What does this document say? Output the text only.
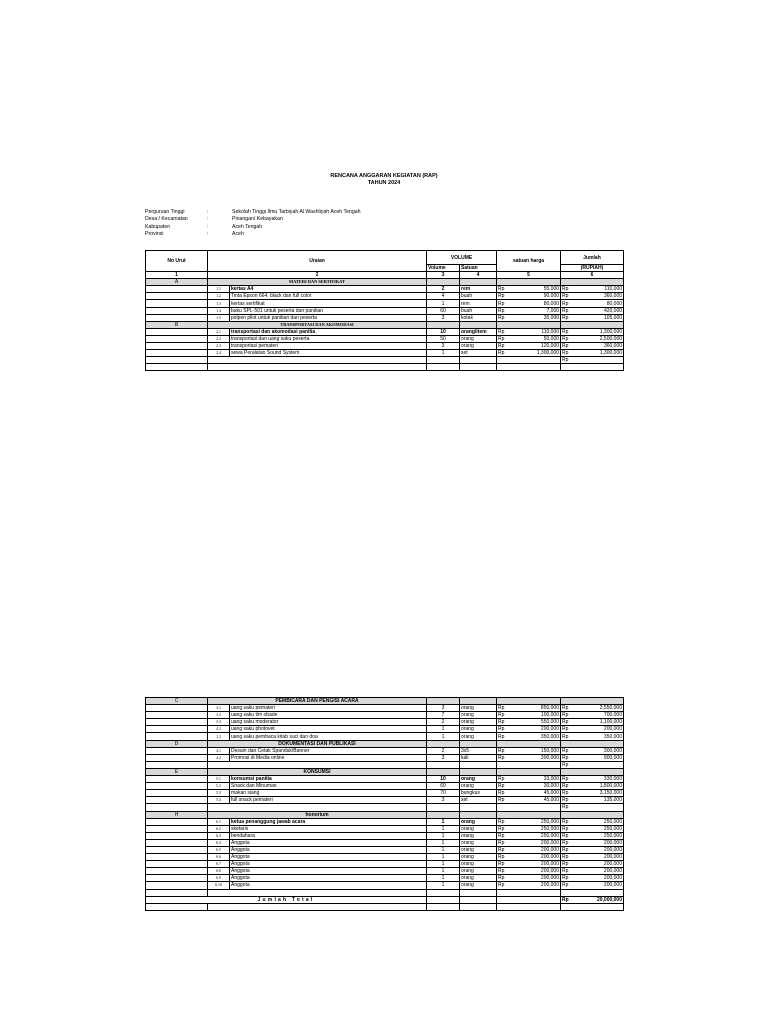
RENCANA ANGGARAN KEGIATAN (RAP)
TAHUN 2024
Perguruan Tinggi	:	Sekolah Tinggi Ilmu Tarbiyah Al Washliyah Aceh Tengah
Desa / Kecamatan	:	Pinangan/ Kebayakan
Kabupaten	:	Aceh Tengah
Provinsi	:	Aceh
No Urut	Uraian		VOLUME		satuan harga	Jumlah

			Volume	Satuan		(RUPIAH)
1	2		3	4	5	6
A	MATERI DAN SERTIFIKAT					
	1.1	kertas A4	2	rem	Rp 55,000	Rp 110,000

	1.2	Tinta Epson 664, black dan full color	4	buah	Rp 90,000	Rp 360,000

	1.3	kertas sertifikat	1	rem	Rp 80,000	Rp 80,000

	1.4	buku SPL-501 untuk peserta dan panitian	60	buah	Rp 7,000	Rp 420,000

	1.5	polpen pilot untuk panitian dan peserta	3	kotak	Rp 35,000	Rp 105,000

B	TRANSPORTASI DAN AKOMODASI					
	2.1	transportasi dan akomodasi panitia	10	orang/item	Rp 110,000	Rp 1,300,000

	2.2	transportasi dan uang saku peserta	50	orang	Rp 50,000	Rp 2,500,000

	2.3	transportasi pemateri	3	orang	Rp 120,000	Rp 360,000

	2.4	sewa Peralatan Sound System	1	set	Rp 1,300,000	Rp 1,300,000

						Rp

C	PEMBICARA DAN PENGISI ACARA					
	3.1	uang saku pemateri	3	orang	Rp 850,000	Rp 2,550,000

	3.2	uang saku tim obade	7	orang	Rp 100,000	Rp 700,000

	3.3	uang saku moderator	2	orang	Rp 550,000	Rp 1,100,000

	4.2	uang saku photovet	1	orang	Rp 200,000	Rp 200,000

	1.2	uang saku pembaca kitab suci dan doa	1	orang	Rp 350,000	Rp 350,000

D	DOKUMENTASI DAN PUBLIKASI					
	4.1	Desain dan Cetak Spanduk/Banner	2	3x5	Rp 150,000	Rp 300,000

	4.2	Promosi di Media online	3	kali	Rp 300,000	Rp 900,000

						Rp
E	KONSUMSI					
	5.1	konsumsi panitia	10	orang	Rp 33,000	Rp 330,000

	5.2	Snack dan Minuman	60	orang	Rp 30,000	Rp 1,800,000

	5.3	makan siang	70	bungkus	Rp 45,000	Rp 3,150,000

	5.4	full snack pemateri	3	set	Rp 45,000	Rp 135,000

						Rp
H	honorium					
	6.1	ketua penanggung jawab acara	1	orang	Rp 250,000	Rp 250,000

	6.2	sketaris	1	orang	Rp 250,000	Rp 250,000

	6.3	bendahara	1	orang	Rp 250,000	Rp 250,000

	6.4	Anggota	1	orang	Rp 200,000	Rp 200,000

	6.5	Anggota	1	orang	Rp 200,000	Rp 200,000

	6.6	Anggota	1	orang	Rp 200,000	Rp 200,000

	6.7	Anggota	1	orang	Rp 200,000	Rp 200,000

	6.8	Anggota	1	orang	Rp 200,000	Rp 200,000

	6.9	Anggota	1	orang	Rp 200,000	Rp 200,000

	6.10	Anggota	1	orang	Rp 200,000	Rp 200,000

Jumlah Total						Rp 20,000,000
